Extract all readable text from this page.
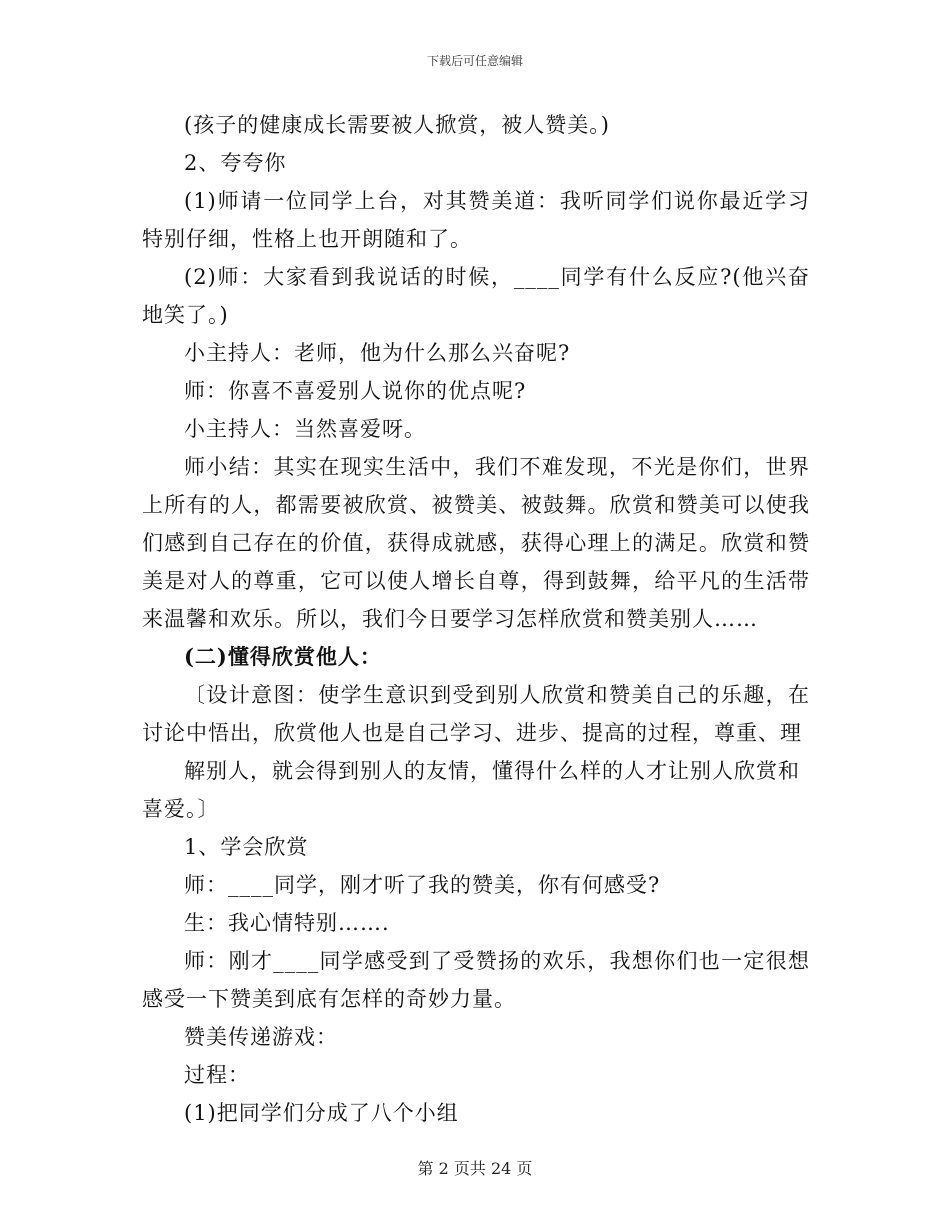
下载后可任意编辑

(孩子的健康成长需要被人掀赏，被人赞美。)

2、夸夸你

(1)师请一位同学上台，对其赞美道：我听同学们说你最近学习特别仔细，性格上也开朗随和了。

(2)师：大家看到我说话的时候，____同学有什么反应?(他兴奋地笑了。)

小主持人：老师，他为什么那么兴奋呢?

师：你喜不喜爱别人说你的优点呢?

小主持人：当然喜爱呀。

师小结：其实在现实生活中，我们不难发现，不光是你们，世界上所有的人，都需要被欣赏、被赞美、被鼓舞。欣赏和赞美可以使我们感到自己存在的价值，获得成就感，获得心理上的满足。欣赏和赞美是对人的尊重，它可以使人增长自尊，得到鼓舞，给平凡的生活带来温馨和欢乐。所以，我们今日要学习怎样欣赏和赞美别人……

(二)懂得欣赏他人：

〔设计意图：使学生意识到受到别人欣赏和赞美自己的乐趣，在讨论中悟出，欣赏他人也是自己学习、进步、提高的过程，尊重、理

解别人，就会得到别人的友情，懂得什么样的人才让别人欣赏和

喜爱。〕

1、学会欣赏

师：____同学，刚才听了我的赞美，你有何感受?

生：我心情特别…….

师：刚才____同学感受到了受赞扬的欢乐，我想你们也一定很想感受一下赞美到底有怎样的奇妙力量。

赞美传递游戏：

过程：

(1)把同学们分成了八个小组

第 2 页共 24 页
